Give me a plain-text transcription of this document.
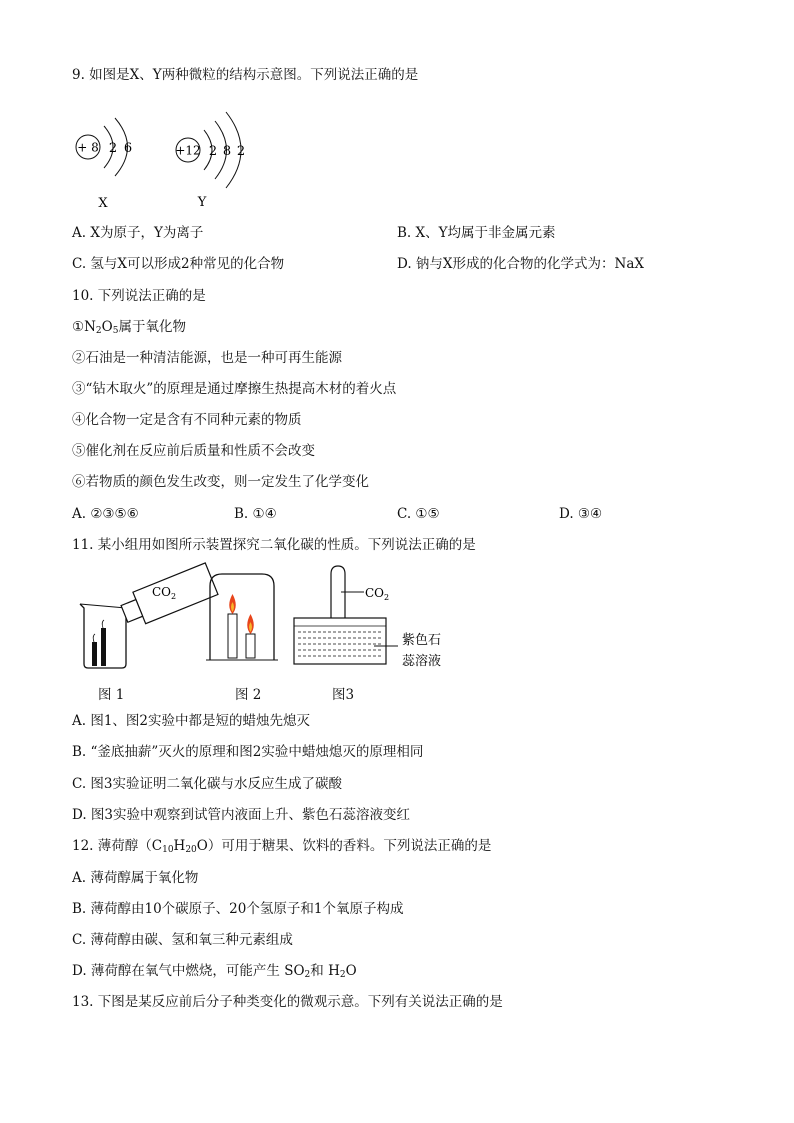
9. 如图是X、Y两种微粒的结构示意图。下列说法正确的是
+ 8 2 6
X
+12 2 8 2
Y
A. X为原子，Y为离子	B. X、Y均属于非金属元素
C. 氢与X可以形成2种常见的化合物	D. 钠与X形成的化合物的化学式为：NaX
10. 下列说法正确的是
$①N_2O_5$属于氧化物
②石油是一种清洁能源，也是一种可再生能源
③“钻木取火”的原理是通过摩擦生热提高木材的着火点
④化合物一定是含有不同种元素的物质
⑤催化剂在反应前后质量和性质不会改变
⑥若物质的颜色发生改变，则一定发生了化学变化
A. ②③⑤⑥	B. ①④	C. ①⑤	D. ③④
11. 某小组用如图所示装置探究二氧化碳的性质。下列说法正确的是
$CO_2$	$CO_2$
紫色石
蕊溶液
图 1	图 2	图3
A. 图1、图2实验中都是短的蜡烛先熄灭
B. “釜底抽薪”灭火的原理和图2实验中蜡烛熄灭的原理相同
C. 图3实验证明二氧化碳与水反应生成了碳酸
D. 图3实验中观察到试管内液面上升、紫色石蕊溶液变红
12. 薄荷醇$(C_{10}H_{20}O)$可用于糖果、饮料的香料。下列说法正确的是
A. 薄荷醇属于氧化物
B. 薄荷醇由10个碳原子、20个氢原子和1个氧原子构成
C. 薄荷醇由碳、氢和氧三种元素组成
D. 薄荷醇在氧气中燃烧，可能产生 $SO_2$和 $H_2O$
13. 下图是某反应前后分子种类变化的微观示意。下列有关说法正确的是
